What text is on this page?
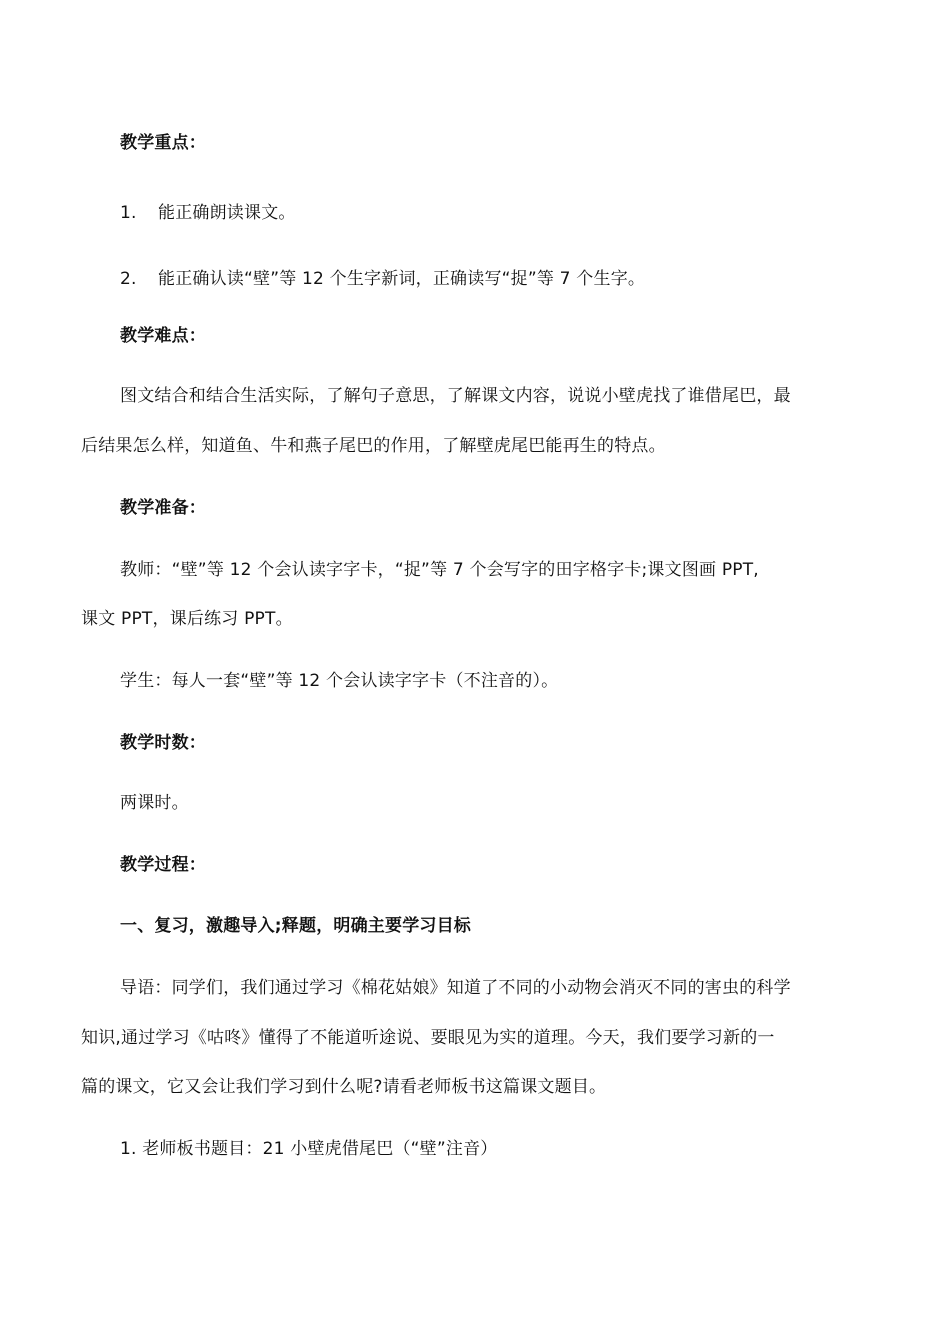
教学重点：
1. 能正确朗读课文。
2. 能正确认读“壁”等 12 个生字新词，正确读写“捉”等 7 个生字。
教学难点：
图文结合和结合生活实际，了解句子意思，了解课文内容，说说小壁虎找了谁借尾巴，最
后结果怎么样，知道鱼、牛和燕子尾巴的作用，了解壁虎尾巴能再生的特点。
教学准备：
教师：“壁”等 12 个会认读字字卡，“捉”等 7 个会写字的田字格字卡;课文图画 PPT,
课文 PPT，课后练习 PPT。
学生：每人一套“壁”等 12 个会认读字字卡（不注音的）。
教学时数：
两课时。
教学过程：
一、复习，激趣导入;释题，明确主要学习目标
导语：同学们，我们通过学习《棉花姑娘》知道了不同的小动物会消灭不同的害虫的科学
知识,通过学习《咕咚》懂得了不能道听途说、要眼见为实的道理。今天，我们要学习新的一
篇的课文，它又会让我们学习到什么呢?请看老师板书这篇课文题目。
1. 老师板书题目：21 小壁虎借尾巴（“壁”注音）
